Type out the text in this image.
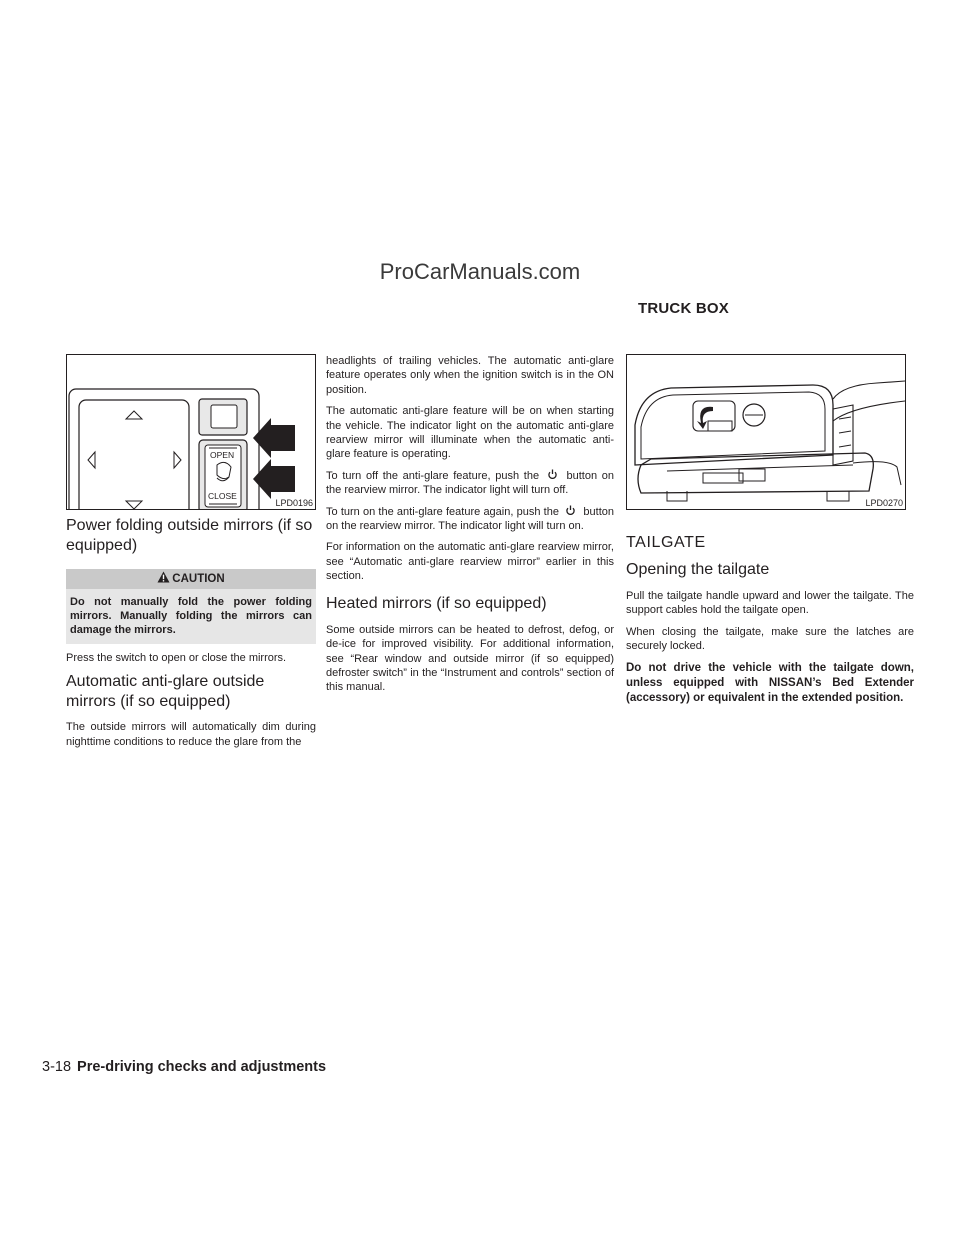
ProCarManuals.com
TRUCK BOX
OPEN
CLOSE
LPD0196
Power folding outside mirrors (if so equipped)
CAUTION
Do not manually fold the power folding mirrors. Manually folding the mirrors can damage the mirrors.

Press the switch to open or close the mirrors.

Automatic anti-glare outside mirrors (if so equipped)

The outside mirrors will automatically dim during nighttime conditions to reduce the glare from the

headlights of trailing vehicles. The automatic anti-glare feature operates only when the ignition switch is in the ON position.

The automatic anti-glare feature will be on when starting the vehicle. The indicator light on the automatic anti-glare rearview mirror will illuminate when the automatic anti-glare feature is operating.

To turn off the anti-glare feature, push the button on the rearview mirror. The indicator light will turn off.

To turn on the anti-glare feature again, push the button on the rearview mirror. The indicator light will turn on.

For information on the automatic anti-glare rearview mirror, see “Automatic anti-glare rearview mirror” earlier in this section.

Heated mirrors (if so equipped)

Some outside mirrors can be heated to defrost, defog, or de-ice for improved visibility. For additional information, see “Rear window and outside mirror (if so equipped) defroster switch” in the “Instrument and controls” section of this manual.

LPD0270
TAILGATE
Opening the tailgate

Pull the tailgate handle upward and lower the tailgate. The support cables hold the tailgate open.

When closing the tailgate, make sure the latches are securely locked.

Do not drive the vehicle with the tailgate down, unless equipped with NISSAN’s Bed Extender (accessory) or equivalent in the extended position.

3-18 Pre-driving checks and adjustments
